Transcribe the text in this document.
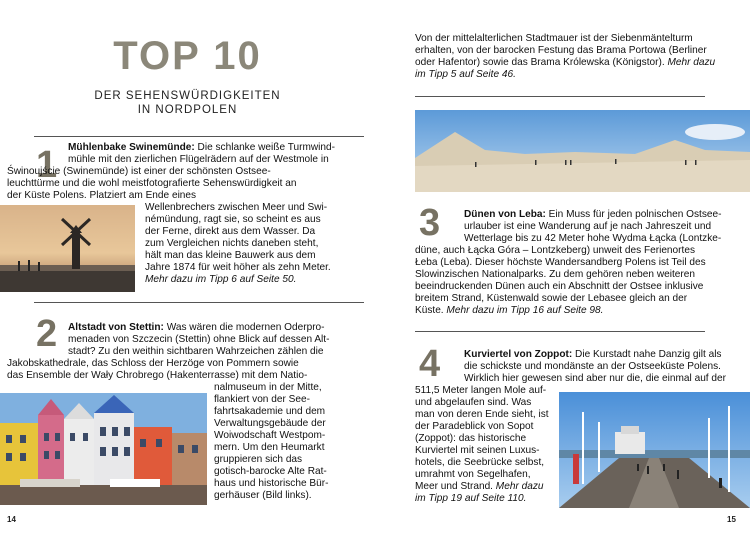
TOP 10
DER SEHENSWÜRDIGKEITEN
IN NORDPOLEN
1 Mühlenbake Swinemünde: Die schlanke weiße Turmwind-
mühle mit den zierlichen Flügelrädern auf der Westmole in
Świnoujście (Swinemünde) ist einer der schönsten Ostsee-
leuchttürme und die wohl meistfotografierte Sehenswürdigkeit an
der Küste Polens. Platziert am Ende eines
Wellenbrechers zwischen Meer und Swi-
némündung, ragt sie, so scheint es aus
der Ferne, direkt aus dem Wasser. Da
zum Vergleichen nichts daneben steht,
hält man das kleine Bauwerk aus dem
Jahre 1874 für weit höher als zehn Meter.
Mehr dazu im Tipp 6 auf Seite 50.
2 Altstadt von Stettin: Was wären die modernen Oderpro-
menaden von Szczecin (Stettin) ohne Blick auf dessen Alt-
stadt? Zu den weithin sichtbaren Wahrzeichen zählen die
Jakobskathedrale, das Schloss der Herzöge von Pommern sowie
das Ensemble der Wały Chrobrego (Hakenterrasse) mit dem Natio-
nalmuseum in der Mitte,
flankiert von der See-
fahrtsakademie und dem
Verwaltungsgebäude der
Woiwodschaft Westpom-
mern. Um den Heumarkt
gruppieren sich das
gotisch-barocke Alte Rat-
haus und historische Bür-
gerhäuser (Bild links).
14
Von der mittelalterlichen Stadtmauer ist der Siebenmäntelturm
erhalten, von der barocken Festung das Brama Portowa (Berliner
oder Hafentor) sowie das Brama Królewska (Königstor). Mehr dazu
im Tipp 5 auf Seite 46.
3 Dünen von Leba: Ein Muss für jeden polnischen Ostsee-
urlauber ist eine Wanderung auf je nach Jahreszeit und
Wetterlage bis zu 42 Meter hohe Wydma Łącka (Lontzke-
düne, auch Łącka Góra – Lontzkeberg) unweit des Ferienortes
Łeba (Leba). Dieser höchste Wandersandberg Polens ist Teil des
Slowinzischen Nationalparks. Zu dem gehören neben weiteren
beeindruckenden Dünen auch ein Abschnitt der Ostsee inklusive
breitem Strand, Küstenwald sowie der Lebasee gleich an der
Küste. Mehr dazu im Tipp 16 auf Seite 98.
4 Kurviertel von Zoppot: Die Kurstadt nahe Danzig gilt als
die schickste und mondänste an der Ostseeküste Polens.
Wirklich hier gewesen sind aber nur die, die einmal auf der
511,5 Meter langen Mole auf-
und abgelaufen sind. Was
man von deren Ende sieht, ist
der Paradeblick von Sopot
(Zoppot): das historische
Kurviertel mit seinen Luxus-
hotels, die Seebrücke selbst,
umrahmt von Segelhafen,
Meer und Strand. Mehr dazu
im Tipp 19 auf Seite 110.
15
